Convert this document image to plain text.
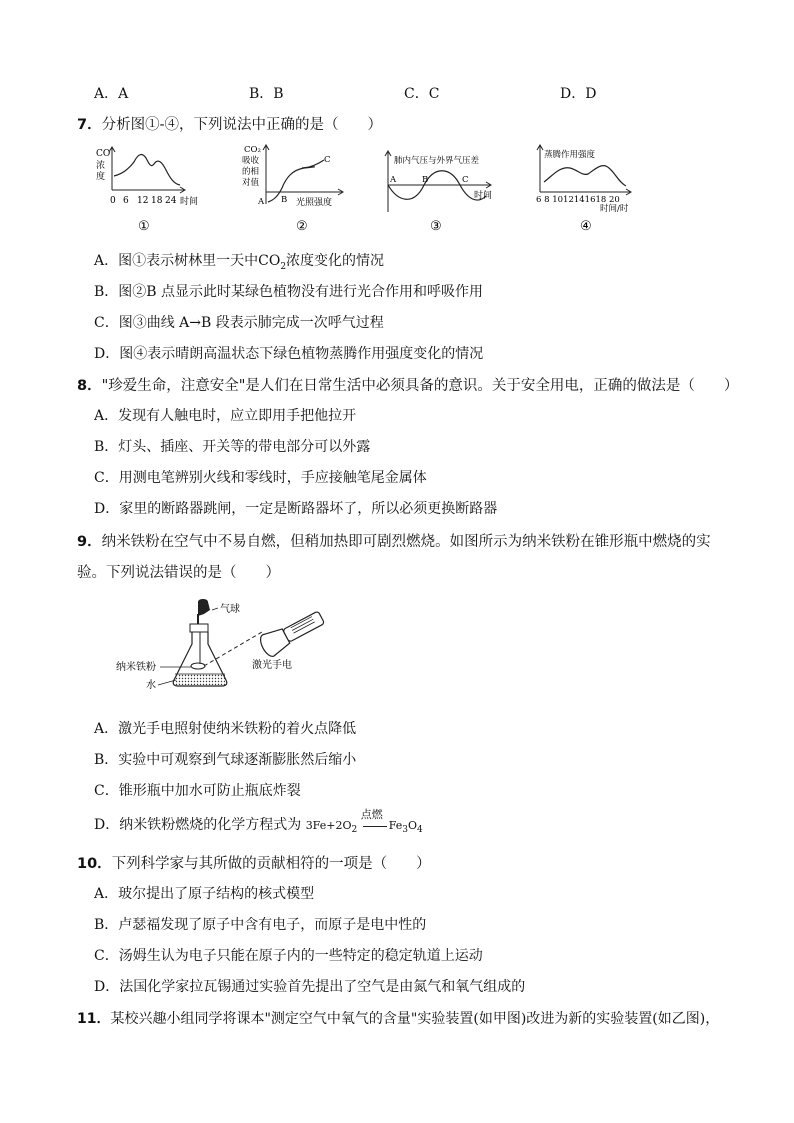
A．A	B．B	C．C	D．D
7．分析图①-④，下列说法中正确的是（　　）
CO
浓
度
0 6 12 18 24 时间
①
CO₂
吸收
的相
对值
A B
C
光照强度
②
肺内气压与外界气压差
A	B	C
时间
③
蒸腾作用强度
6 8 1012141618 20
时间/时
④
A．图①表示树林里一天中$CO_2$浓度变化的情况
B．图②B 点显示此时某绿色植物没有进行光合作用和呼吸作用
C．图③曲线 A→B 段表示肺完成一次呼气过程
D．图④表示晴朗高温状态下绿色植物蒸腾作用强度变化的情况
8．"珍爱生命，注意安全"是人们在日常生活中必须具备的意识。关于安全用电，正确的做法是（　　）
A．发现有人触电时，应立即用手把他拉开
B．灯头、插座、开关等的带电部分可以外露
C．用测电笔辨别火线和零线时，手应接触笔尾金属体
D．家里的断路器跳闸，一定是断路器坏了，所以必须更换断路器
9．纳米铁粉在空气中不易自燃，但稍加热即可剧烈燃烧。如图所示为纳米铁粉在锥形瓶中燃烧的实
验。下列说法错误的是（　　）
气球
纳米铁粉
水
激光手电
A．激光手电照射使纳米铁粉的着火点降低
B．实验中可观察到气球逐渐膨胀然后缩小
C．锥形瓶中加水可防止瓶底炸裂
D．纳米铁粉燃烧的化学方程式为 $3Fe+2O_2$
点燃
$Fe_3O_4$
10．下列科学家与其所做的贡献相符的一项是（　　）
A．玻尔提出了原子结构的核式模型
B．卢瑟福发现了原子中含有电子，而原子是电中性的
C．汤姆生认为电子只能在原子内的一些特定的稳定轨道上运动
D．法国化学家拉瓦锡通过实验首先提出了空气是由氮气和氧气组成的
11．某校兴趣小组同学将课本"测定空气中氧气的含量"实验装置(如甲图)改进为新的实验装置(如乙图)，
